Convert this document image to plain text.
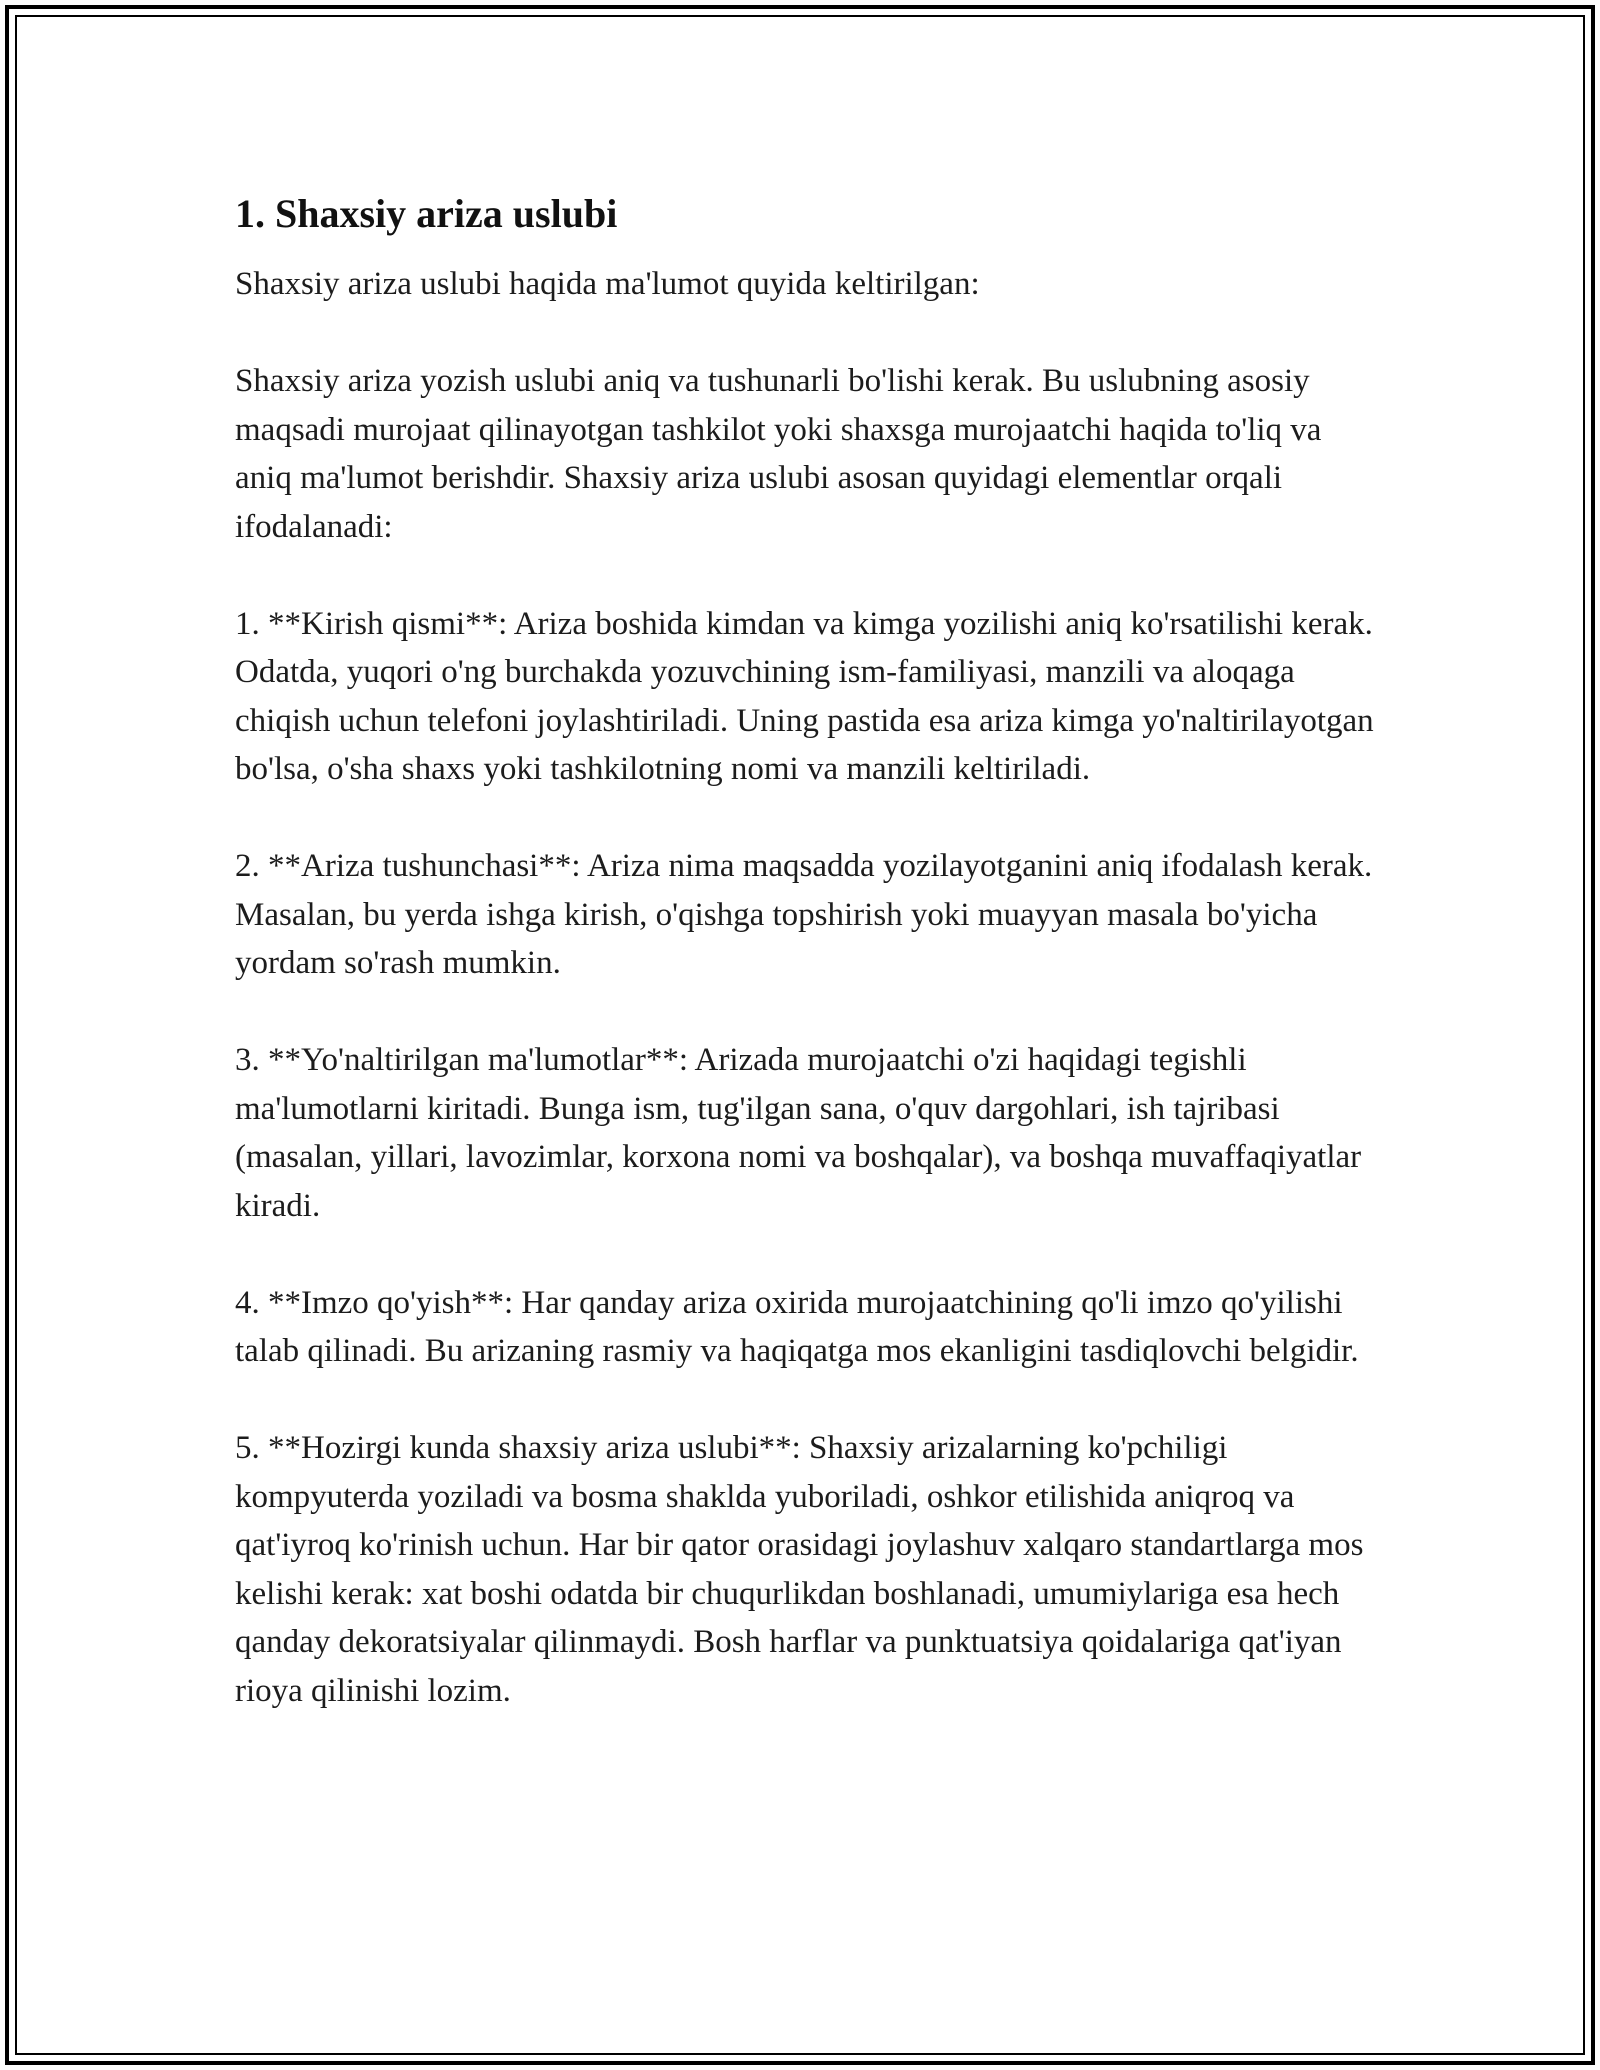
1. Shaxsiy ariza uslubi

Shaxsiy ariza uslubi haqida ma'lumot quyida keltirilgan:

Shaxsiy ariza yozish uslubi aniq va tushunarli bo'lishi kerak. Bu uslubning asosiy maqsadi murojaat qilinayotgan tashkilot yoki shaxsga murojaatchi haqida to'liq va aniq ma'lumot berishdir. Shaxsiy ariza uslubi asosan quyidagi elementlar orqali ifodalanadi:

1. **Kirish qismi**: Ariza boshida kimdan va kimga yozilishi aniq ko'rsatilishi kerak. Odatda, yuqori o'ng burchakda yozuvchining ism-familiyasi, manzili va aloqaga chiqish uchun telefoni joylashtiriladi. Uning pastida esa ariza kimga yo'naltirilayotgan bo'lsa, o'sha shaxs yoki tashkilotning nomi va manzili keltiriladi.

2. **Ariza tushunchasi**: Ariza nima maqsadda yozilayotganini aniq ifodalash kerak. Masalan, bu yerda ishga kirish, o'qishga topshirish yoki muayyan masala bo'yicha yordam so'rash mumkin.

3. **Yo'naltirilgan ma'lumotlar**: Arizada murojaatchi o'zi haqidagi tegishli ma'lumotlarni kiritadi. Bunga ism, tug'ilgan sana, o'quv dargohlari, ish tajribasi (masalan, yillari, lavozimlar, korxona nomi va boshqalar), va boshqa muvaffaqiyatlar kiradi.

4. **Imzo qo'yish**: Har qanday ariza oxirida murojaatchining qo'li imzo qo'yilishi talab qilinadi. Bu arizaning rasmiy va haqiqatga mos ekanligini tasdiqlovchi belgidir.

5. **Hozirgi kunda shaxsiy ariza uslubi**: Shaxsiy arizalarning ko'pchiligi kompyuterda yoziladi va bosma shaklda yuboriladi, oshkor etilishida aniqroq va qat'iyroq ko'rinish uchun. Har bir qator orasidagi joylashuv xalqaro standartlarga mos kelishi kerak: xat boshi odatda bir chuqurlikdan boshlanadi, umumiylariga esa hech qanday dekoratsiyalar qilinmaydi. Bosh harflar va punktuatsiya qoidalariga qat'iyan rioya qilinishi lozim.
